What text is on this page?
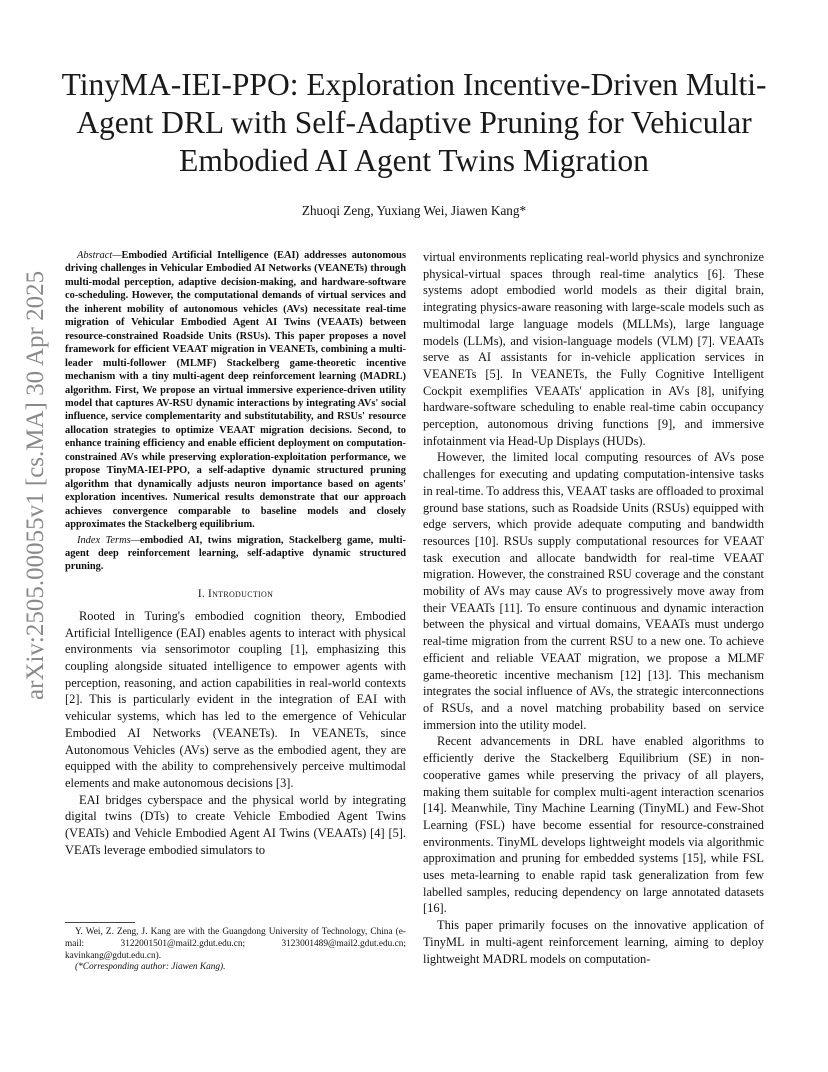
arXiv:2505.00055v1 [cs.MA] 30 Apr 2025
TinyMA-IEI-PPO: Exploration Incentive-Driven Multi-Agent DRL with Self-Adaptive Pruning for Vehicular Embodied AI Agent Twins Migration
Zhuoqi Zeng, Yuxiang Wei, Jiawen Kang*

Abstract—Embodied Artificial Intelligence (EAI) addresses autonomous driving challenges in Vehicular Embodied AI Networks (VEANETs) through multi-modal perception, adaptive decision-making, and hardware-software co-scheduling. However, the computational demands of virtual services and the inherent mobility of autonomous vehicles (AVs) necessitate real-time migration of Vehicular Embodied Agent AI Twins (VEAATs) between resource-constrained Roadside Units (RSUs). This paper proposes a novel framework for efficient VEAAT migration in VEANETs, combining a multi-leader multi-follower (MLMF) Stackelberg game-theoretic incentive mechanism with a tiny multi-agent deep reinforcement learning (MADRL) algorithm. First, We propose an virtual immersive experience-driven utility model that captures AV-RSU dynamic interactions by integrating AVs' social influence, service complementarity and substitutability, and RSUs' resource allocation strategies to optimize VEAAT migration decisions. Second, to enhance training efficiency and enable efficient deployment on computation-constrained AVs while preserving exploration-exploitation performance, we propose TinyMA-IEI-PPO, a self-adaptive dynamic structured pruning algorithm that dynamically adjusts neuron importance based on agents' exploration incentives. Numerical results demonstrate that our approach achieves convergence comparable to baseline models and closely approximates the Stackelberg equilibrium.

Index Terms—embodied AI, twins migration, Stackelberg game, multi-agent deep reinforcement learning, self-adaptive dynamic structured pruning.

I. Introduction

Rooted in Turing's embodied cognition theory, Embodied Artificial Intelligence (EAI) enables agents to interact with physical environments via sensorimotor coupling [1], emphasizing this coupling alongside situated intelligence to empower agents with perception, reasoning, and action capabilities in real-world contexts [2]. This is particularly evident in the integration of EAI with vehicular systems, which has led to the emergence of Vehicular Embodied AI Networks (VEANETs). In VEANETs, since Autonomous Vehicles (AVs) serve as the embodied agent, they are equipped with the ability to comprehensively perceive multimodal elements and make autonomous decisions [3].

EAI bridges cyberspace and the physical world by integrating digital twins (DTs) to create Vehicle Embodied Agent Twins (VEATs) and Vehicle Embodied Agent AI Twins (VEAATs) [4] [5]. VEATs leverage embodied simulators to

Y. Wei, Z. Zeng, J. Kang are with the Guangdong University of Technology, China (e-mail: 3122001501@mail2.gdut.edu.cn; 3123001489@mail2.gdut.edu.cn; kavinkang@gdut.edu.cn).

(*Corresponding author: Jiawen Kang).

virtual environments replicating real-world physics and synchronize physical-virtual spaces through real-time analytics [6]. These systems adopt embodied world models as their digital brain, integrating physics-aware reasoning with large-scale models such as multimodal large language models (MLLMs), large language models (LLMs), and vision-language models (VLM) [7]. VEAATs serve as AI assistants for in-vehicle application services in VEANETs [5]. In VEANETs, the Fully Cognitive Intelligent Cockpit exemplifies VEAATs' application in AVs [8], unifying hardware-software scheduling to enable real-time cabin occupancy perception, autonomous driving functions [9], and immersive infotainment via Head-Up Displays (HUDs).

However, the limited local computing resources of AVs pose challenges for executing and updating computation-intensive tasks in real-time. To address this, VEAAT tasks are offloaded to proximal ground base stations, such as Roadside Units (RSUs) equipped with edge servers, which provide adequate computing and bandwidth resources [10]. RSUs supply computational resources for VEAAT task execution and allocate bandwidth for real-time VEAAT migration. However, the constrained RSU coverage and the constant mobility of AVs may cause AVs to progressively move away from their VEAATs [11]. To ensure continuous and dynamic interaction between the physical and virtual domains, VEAATs must undergo real-time migration from the current RSU to a new one. To achieve efficient and reliable VEAAT migration, we propose a MLMF game-theoretic incentive mechanism [12] [13]. This mechanism integrates the social influence of AVs, the strategic interconnections of RSUs, and a novel matching probability based on service immersion into the utility model.

Recent advancements in DRL have enabled algorithms to efficiently derive the Stackelberg Equilibrium (SE) in non-cooperative games while preserving the privacy of all players, making them suitable for complex multi-agent interaction scenarios [14]. Meanwhile, Tiny Machine Learning (TinyML) and Few-Shot Learning (FSL) have become essential for resource-constrained environments. TinyML develops lightweight models via algorithmic approximation and pruning for embedded systems [15], while FSL uses meta-learning to enable rapid task generalization from few labelled samples, reducing dependency on large annotated datasets [16].

This paper primarily focuses on the innovative application of TinyML in multi-agent reinforcement learning, aiming to deploy lightweight MADRL models on computation-
